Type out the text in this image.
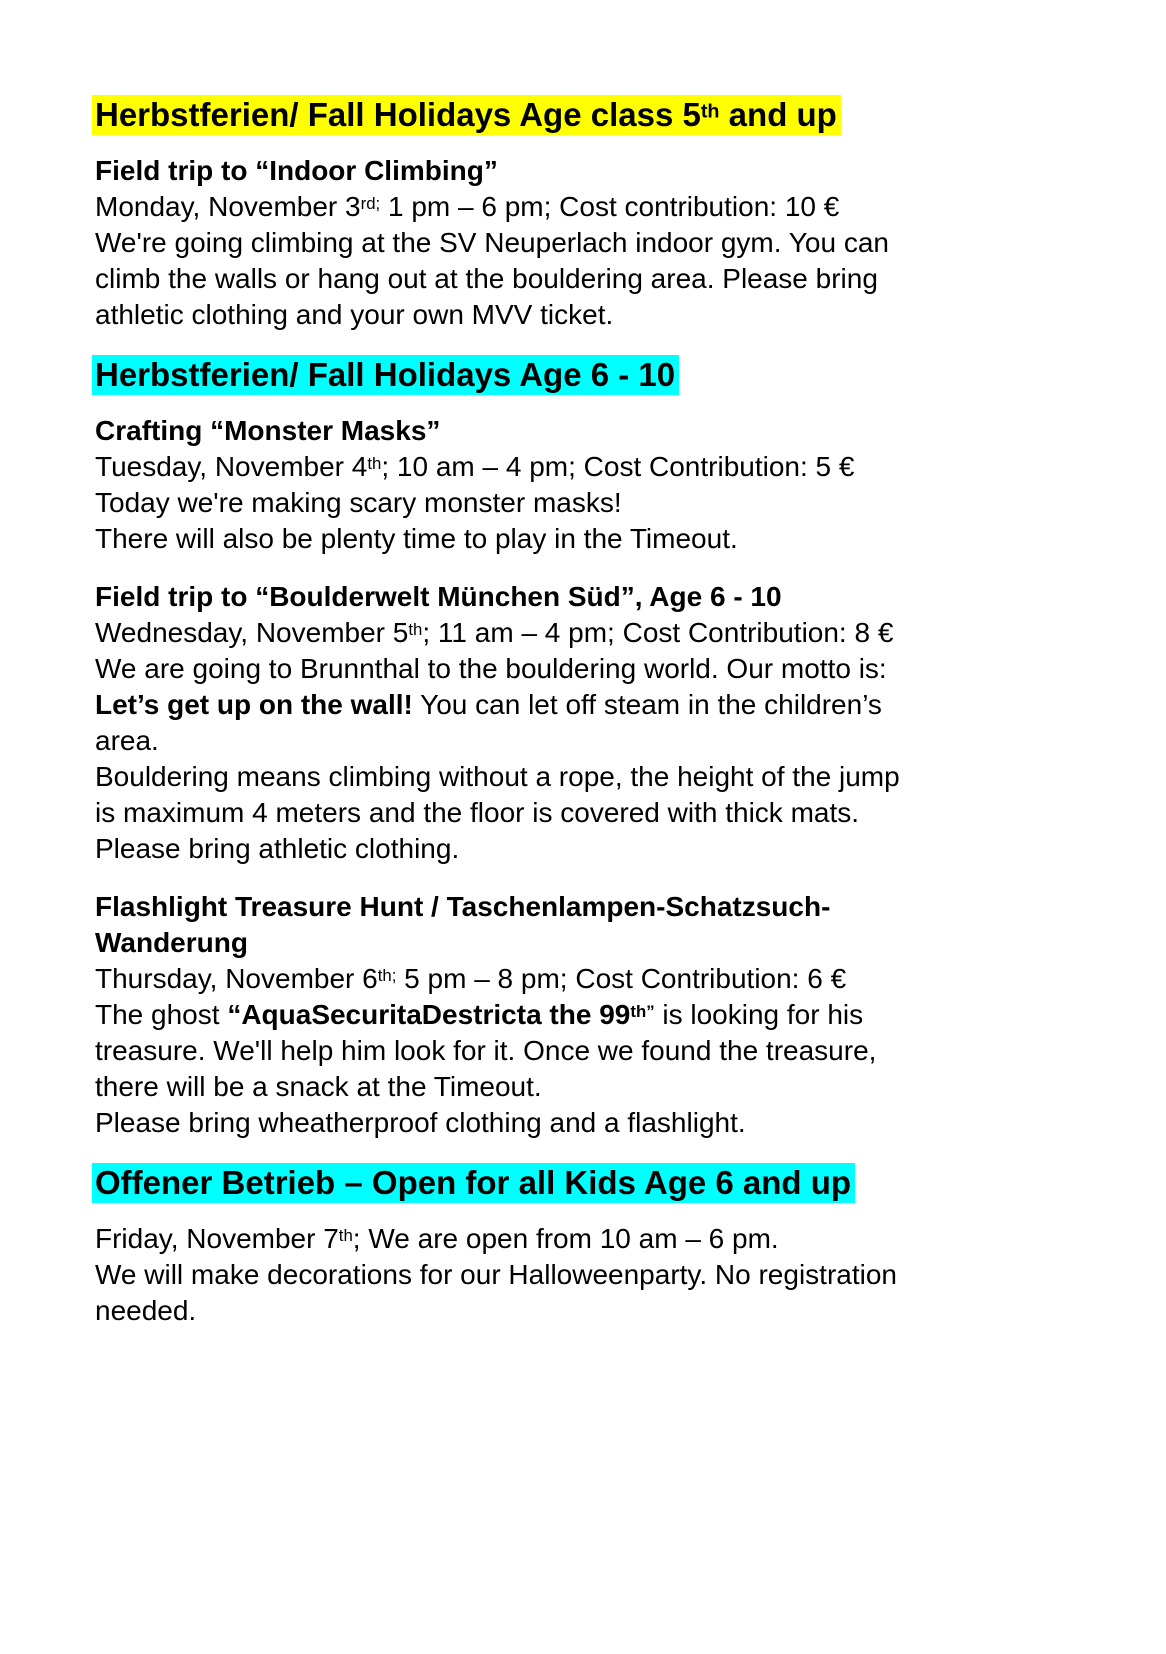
Herbstferien/ Fall Holidays Age class 5th and up
Field trip to “Indoor Climbing”
Monday, November $3^{rd;}$ 1 pm – 6 pm; Cost contribution: 10 €
We're going climbing at the SV Neuperlach indoor gym. You can
climb the walls or hang out at the bouldering area. Please bring
athletic clothing and your own MVV ticket.
Herbstferien/ Fall Holidays Age 6 - 10
Crafting “Monster Masks”
Tuesday, November 4th; 10 am – 4 pm; Cost Contribution: 5 €
Today we're making scary monster masks!
There will also be plenty time to play in the Timeout.
Field trip to “Boulderwelt München Süd”, Age 6 - 10
Wednesday, November 5th; 11 am – 4 pm; Cost Contribution: 8 €
We are going to Brunnthal to the bouldering world. Our motto is:
Let’s get up on the wall! You can let off steam in the children’s
area.
Bouldering means climbing without a rope, the height of the jump
is maximum 4 meters and the floor is covered with thick mats.
Please bring athletic clothing.
Flashlight Treasure Hunt / Taschenlampen-Schatzsuch-
Wanderung
Thursday, November $6^{th;}$ 5 pm – 8 pm; Cost Contribution: 6 €
The ghost “AquaSecuritaDestricta the $99^{th”}$ is looking for his
treasure. We'll help him look for it. Once we found the treasure,
there will be a snack at the Timeout.
Please bring wheatherproof clothing and a flashlight.
Offener Betrieb – Open for all Kids Age 6 and up
Friday, November 7th; We are open from 10 am – 6 pm.
We will make decorations for our Halloweenparty. No registration
needed.
